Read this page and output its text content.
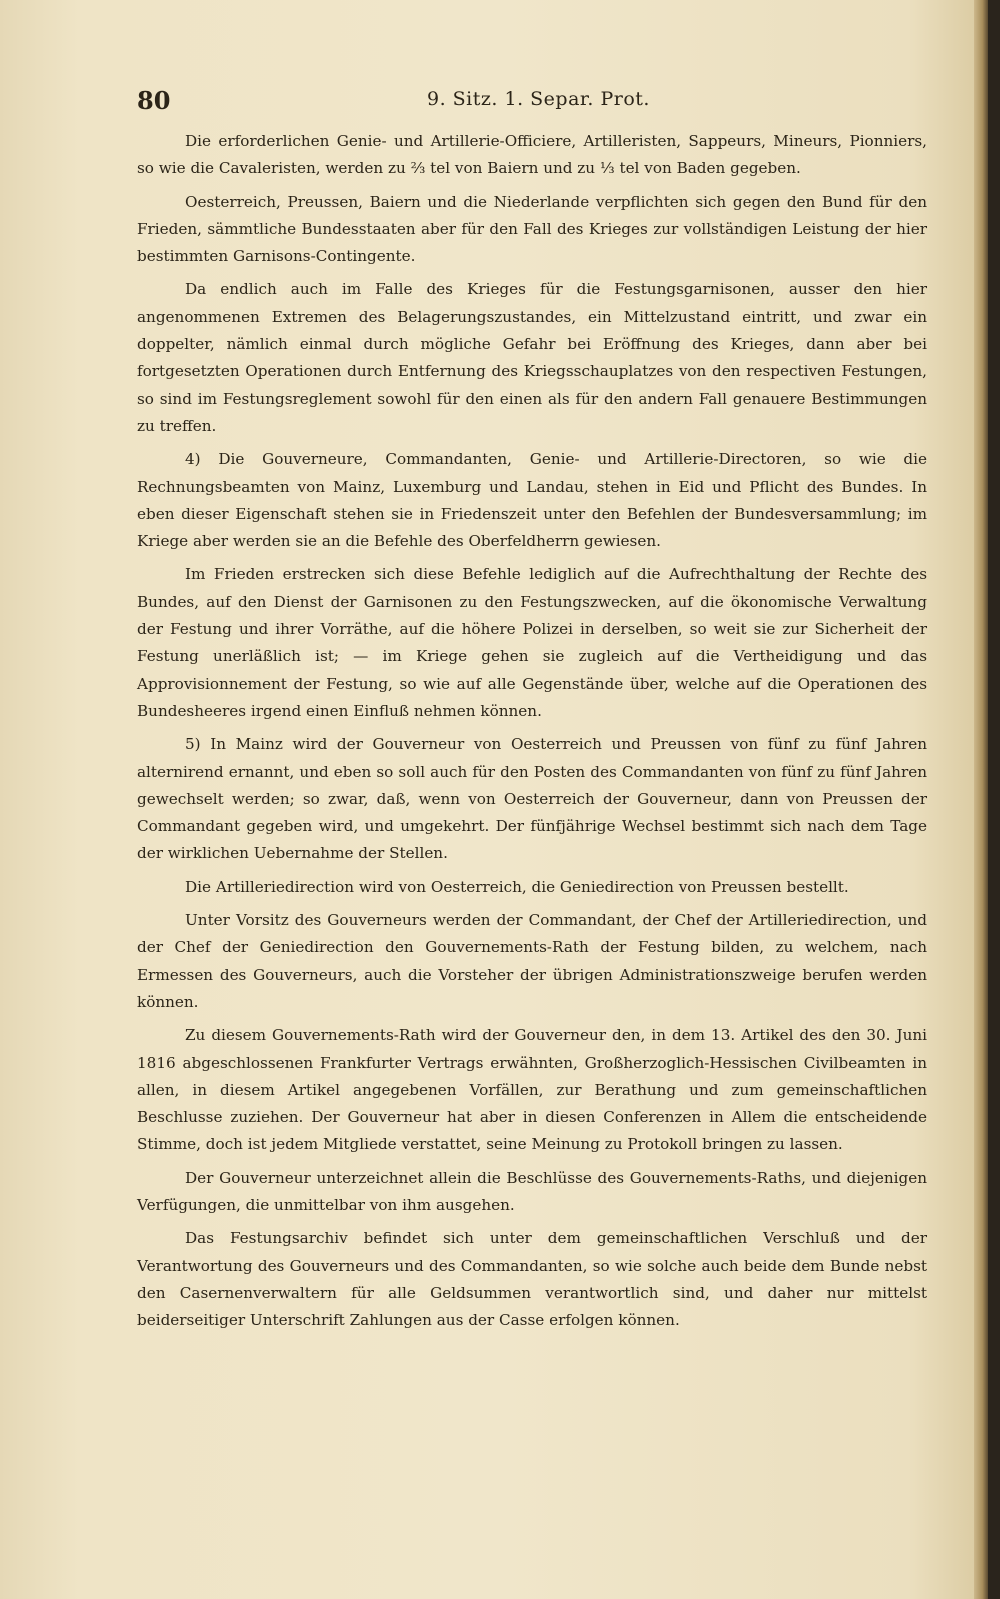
80	9. Sitz. 1. Separ. Prot.

Die erforderlichen Genie- und Artillerie-Officiere, Artilleristen, Sappeurs, Mineurs, Pionniers, so wie die Cavaleristen, werden zu ⅔ tel von Baiern und zu ⅓ tel von Baden gegeben.

Oesterreich, Preussen, Baiern und die Niederlande verpflichten sich gegen den Bund für den Frieden, sämmtliche Bundesstaaten aber für den Fall des Krieges zur vollständigen Leistung der hier bestimmten Garnisons-Contingente.

Da endlich auch im Falle des Krieges für die Festungsgarnisonen, ausser den hier angenommenen Extremen des Belagerungszustandes, ein Mittelzustand eintritt, und zwar ein doppelter, nämlich einmal durch mögliche Gefahr bei Eröffnung des Krieges, dann aber bei fortgesetzten Operationen durch Entfernung des Kriegsschauplatzes von den respectiven Festungen, so sind im Festungsreglement sowohl für den einen als für den andern Fall genauere Bestimmungen zu treffen.

4) Die Gouverneure, Commandanten, Genie- und Artillerie-Directoren, so wie die Rechnungsbeamten von Mainz, Luxemburg und Landau, stehen in Eid und Pflicht des Bundes. In eben dieser Eigenschaft stehen sie in Friedenszeit unter den Befehlen der Bundesversammlung; im Kriege aber werden sie an die Befehle des Oberfeldherrn gewiesen.

Im Frieden erstrecken sich diese Befehle lediglich auf die Aufrechthaltung der Rechte des Bundes, auf den Dienst der Garnisonen zu den Festungszwecken, auf die ökonomische Verwaltung der Festung und ihrer Vorräthe, auf die höhere Polizei in derselben, so weit sie zur Sicherheit der Festung unerläßlich ist; — im Kriege gehen sie zugleich auf die Vertheidigung und das Approvisionnement der Festung, so wie auf alle Gegenstände über, welche auf die Operationen des Bundesheeres irgend einen Einfluß nehmen können.

5) In Mainz wird der Gouverneur von Oesterreich und Preussen von fünf zu fünf Jahren alternirend ernannt, und eben so soll auch für den Posten des Commandanten von fünf zu fünf Jahren gewechselt werden; so zwar, daß, wenn von Oesterreich der Gouverneur, dann von Preussen der Commandant gegeben wird, und umgekehrt. Der fünfjährige Wechsel bestimmt sich nach dem Tage der wirklichen Uebernahme der Stellen.

Die Artilleriedirection wird von Oesterreich, die Geniedirection von Preussen bestellt.

Unter Vorsitz des Gouverneurs werden der Commandant, der Chef der Artilleriedirection, und der Chef der Geniedirection den Gouvernements-Rath der Festung bilden, zu welchem, nach Ermessen des Gouverneurs, auch die Vorsteher der übrigen Administrationszweige berufen werden können.

Zu diesem Gouvernements-Rath wird der Gouverneur den, in dem 13. Artikel des den 30. Juni 1816 abgeschlossenen Frankfurter Vertrags erwähnten, Großherzoglich-Hessischen Civilbeamten in allen, in diesem Artikel angegebenen Vorfällen, zur Berathung und zum gemeinschaftlichen Beschlusse zuziehen. Der Gouverneur hat aber in diesen Conferenzen in Allem die entscheidende Stimme, doch ist jedem Mitgliede verstattet, seine Meinung zu Protokoll bringen zu lassen.

Der Gouverneur unterzeichnet allein die Beschlüsse des Gouvernements-Raths, und diejenigen Verfügungen, die unmittelbar von ihm ausgehen.

Das Festungsarchiv befindet sich unter dem gemeinschaftlichen Verschluß und der Verantwortung des Gouverneurs und des Commandanten, so wie solche auch beide dem Bunde nebst den Casernenverwaltern für alle Geldsummen verantwortlich sind, und daher nur mittelst beiderseitiger Unterschrift Zahlungen aus der Casse erfolgen können.
